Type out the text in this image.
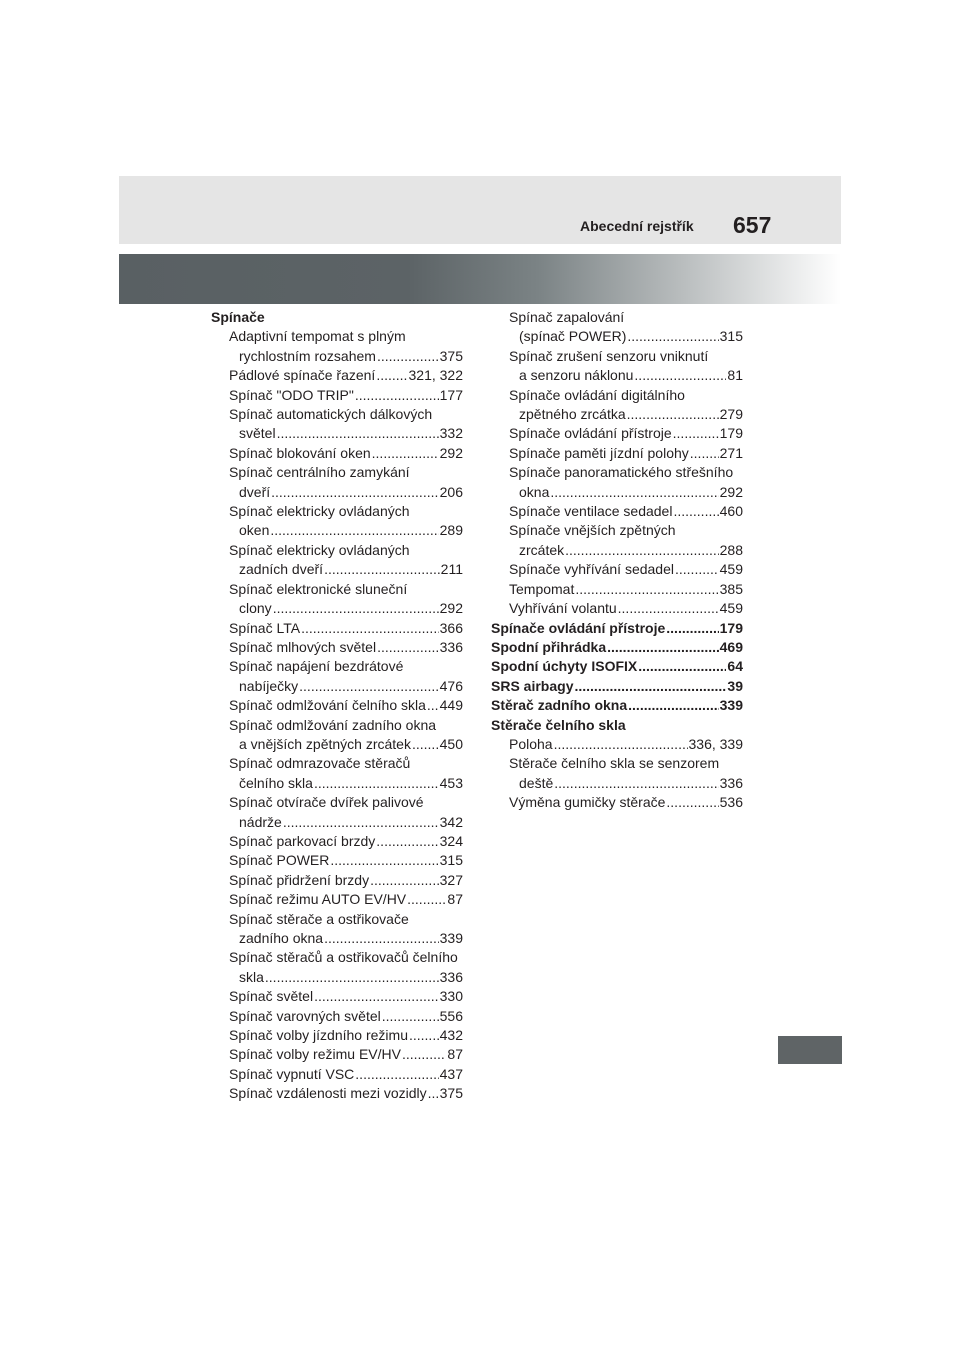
Abecední rejstřík 657
Spínače
Adaptivní tempomat s plným
rychlostním rozsahem .....	375
Pádlové spínače řazení ..... 321, 322
Spínač "ODO TRIP" .....	177
Spínač automatických dálkových
světel .....	332
Spínač blokování oken .....	292
Spínač centrálního zamykání
dveří .....	206
Spínač elektricky ovládaných
oken .....	289
Spínač elektricky ovládaných
zadních dveří .....	211
Spínač elektronické sluneční
clony .....	292
Spínač LTA .....	366
Spínač mlhových světel .....	336
Spínač napájení bezdrátové
nabíječky .....	476
Spínač odmlžování čelního skla ..... 449
Spínač odmlžování zadního okna
a vnějších zpětných zrcátek ..... 450
Spínač odmrazovače stěračů
čelního skla .....	453
Spínač otvírače dvířek palivové
nádrže .....	342
Spínač parkovací brzdy .....	324
Spínač POWER .....	315
Spínač přidržení brzdy .....	327
Spínač režimu AUTO EV/HV .....	87
Spínač stěrače a ostřikovače
zadního okna .....	339
Spínač stěračů a ostřikovačů čelního
skla .....	336
Spínač světel .....	330
Spínač varovných světel .....	556
Spínač volby jízdního režimu ..... 432
Spínač volby režimu EV/HV .....	87
Spínač vypnutí VSC .....	437
Spínač vzdálenosti mezi vozidly ..... 375
Spínač zapalování
(spínač POWER) .....	315
Spínač zrušení senzoru vniknutí
a senzoru náklonu .....	81
Spínače ovládání digitálního
zpětného zrcátka .....	279
Spínače ovládání přístroje .....	179
Spínače paměti jízdní polohy ..... 271
Spínače panoramatického střešního
okna .....	292
Spínače ventilace sedadel .....	460
Spínače vnějších zpětných
zrcátek .....	288
Spínače vyhřívání sedadel .....	459
Tempomat .....	385
Vyhřívání volantu .....	459
Spínače ovládání přístroje .....	179
Spodní přihrádka .....	469
Spodní úchyty ISOFIX .....	64
SRS airbagy .....	39
Stěrač zadního okna .....	339
Stěrače čelního skla
Poloha .....	336, 339
Stěrače čelního skla se senzorem
deště .....	336
Výměna gumičky stěrače .....	536
